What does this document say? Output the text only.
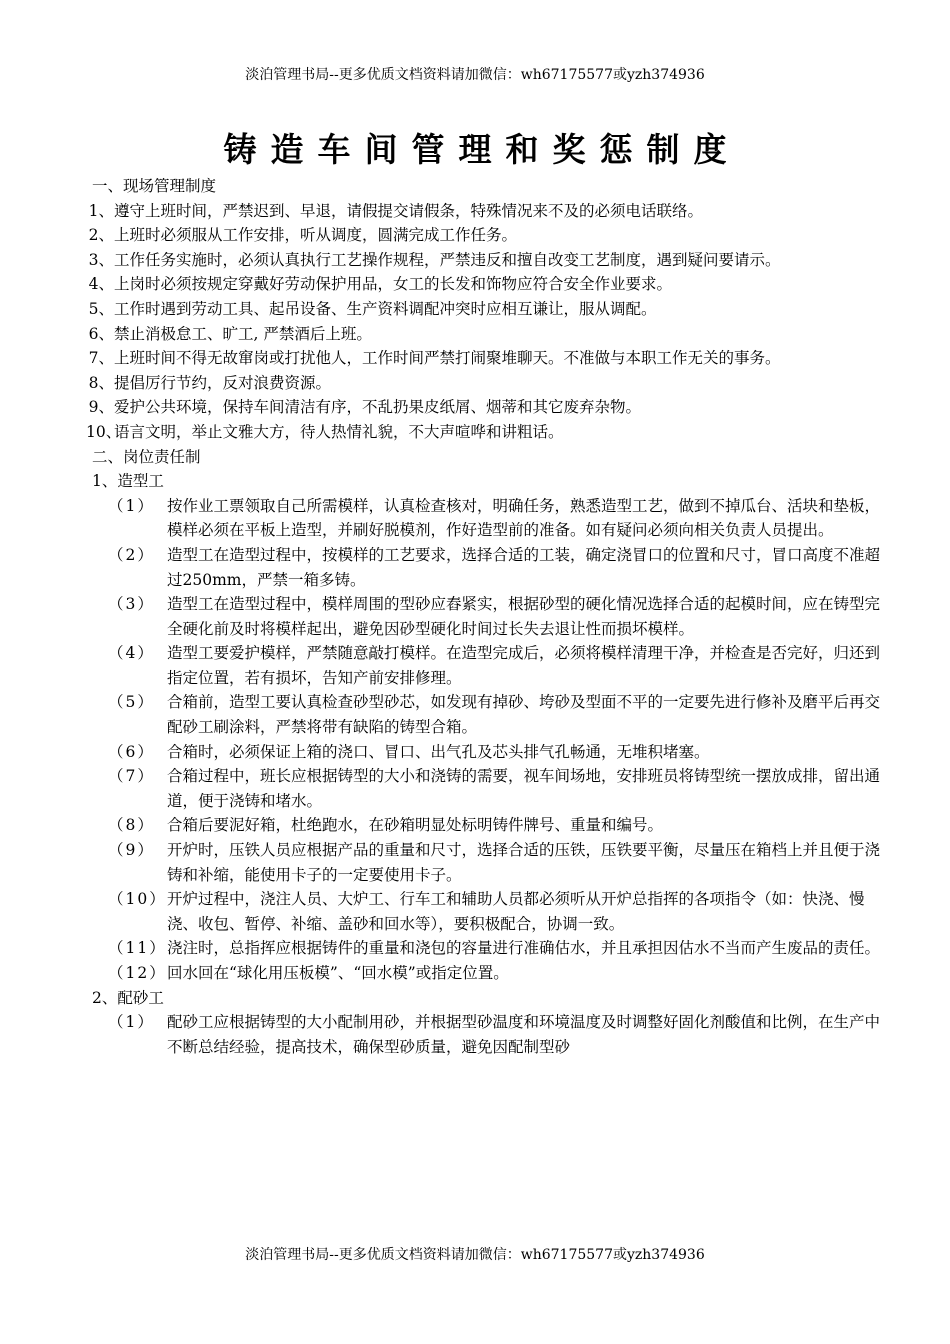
淡泊管理书局--更多优质文档资料请加微信：wh67175577或yzh374936
铸造车间管理和奖惩制度

一、现场管理制度

1、 遵守上班时间，严禁迟到、早退，请假提交请假条，特殊情况来不及的必须电话联络。
2、 上班时必须服从工作安排，听从调度，圆满完成工作任务。
3、 工作任务实施时，必须认真执行工艺操作规程，严禁违反和擅自改变工艺制度，遇到疑问要请示。
4、 上岗时必须按规定穿戴好劳动保护用品，女工的长发和饰物应符合安全作业要求。
5、 工作时遇到劳动工具、起吊设备、生产资料调配冲突时应相互谦让，服从调配。
6、 禁止消极怠工、旷工, 严禁酒后上班。
7、 上班时间不得无故窜岗或打扰他人，工作时间严禁打闹聚堆聊天。不准做与本职工作无关的事务。
8、 提倡厉行节约，反对浪费资源。
9、 爱护公共环境，保持车间清洁有序，不乱扔果皮纸屑、烟蒂和其它废弃杂物。
10、
语言文明，举止文雅大方，待人热情礼貌，不大声喧哗和讲粗话。

二、岗位责任制

1、造型工

（1） 按作业工票领取自己所需模样，认真检查核对，明确任务，熟悉造型工艺，做到不掉瓜台、活块和垫板，模样必须在平板上造型，并刷好脱模剂，作好造型前的准备。如有疑问必须向相关负责人员提出。
（2） 造型工在造型过程中，按模样的工艺要求，选择合适的工装，确定浇冒口的位置和尺寸，冒口高度不准超过250mm，严禁一箱多铸。
（3） 造型工在造型过程中，模样周围的型砂应舂紧实，根据砂型的硬化情况选择合适的起模时间，应在铸型完全硬化前及时将模样起出，避免因砂型硬化时间过长失去退让性而损坏模样。
（4） 造型工要爱护模样，严禁随意敲打模样。在造型完成后，必须将模样清理干净，并检查是否完好，归还到指定位置，若有损坏，告知产前安排修理。
（5） 合箱前，造型工要认真检查砂型砂芯，如发现有掉砂、垮砂及型面不平的一定要先进行修补及磨平后再交配砂工刷涂料，严禁将带有缺陷的铸型合箱。
（6） 合箱时，必须保证上箱的浇口、冒口、出气孔及芯头排气孔畅通，无堆积堵塞。
（7） 合箱过程中，班长应根据铸型的大小和浇铸的需要，视车间场地，安排班员将铸型统一摆放成排，留出通道，便于浇铸和堵水。
（8） 合箱后要泥好箱，杜绝跑水，在砂箱明显处标明铸件牌号、重量和编号。
（9） 开炉时，压铁人员应根据产品的重量和尺寸，选择合适的压铁，压铁要平衡，尽量压在箱档上并且便于浇铸和补缩，能使用卡子的一定要使用卡子。
（10） 开炉过程中，浇注人员、大炉工、行车工和辅助人员都必须听从开炉总指挥的各项指令（如：快浇、慢浇、收包、暂停、补缩、盖砂和回水等），要积极配合，协调一致。
（11） 浇注时，总指挥应根据铸件的重量和浇包的容量进行准确估水，并且承担因估水不当而产生废品的责任。
（12） 回水回在“球化用压板模”、“回水模”或指定位置。

2、配砂工

（1） 配砂工应根据铸型的大小配制用砂，并根据型砂温度和环境温度及时调整好固化剂酸值和比例，在生产中不断总结经验，提高技术，确保型砂质量，避免因配制型砂
淡泊管理书局--更多优质文档资料请加微信：wh67175577或yzh374936
